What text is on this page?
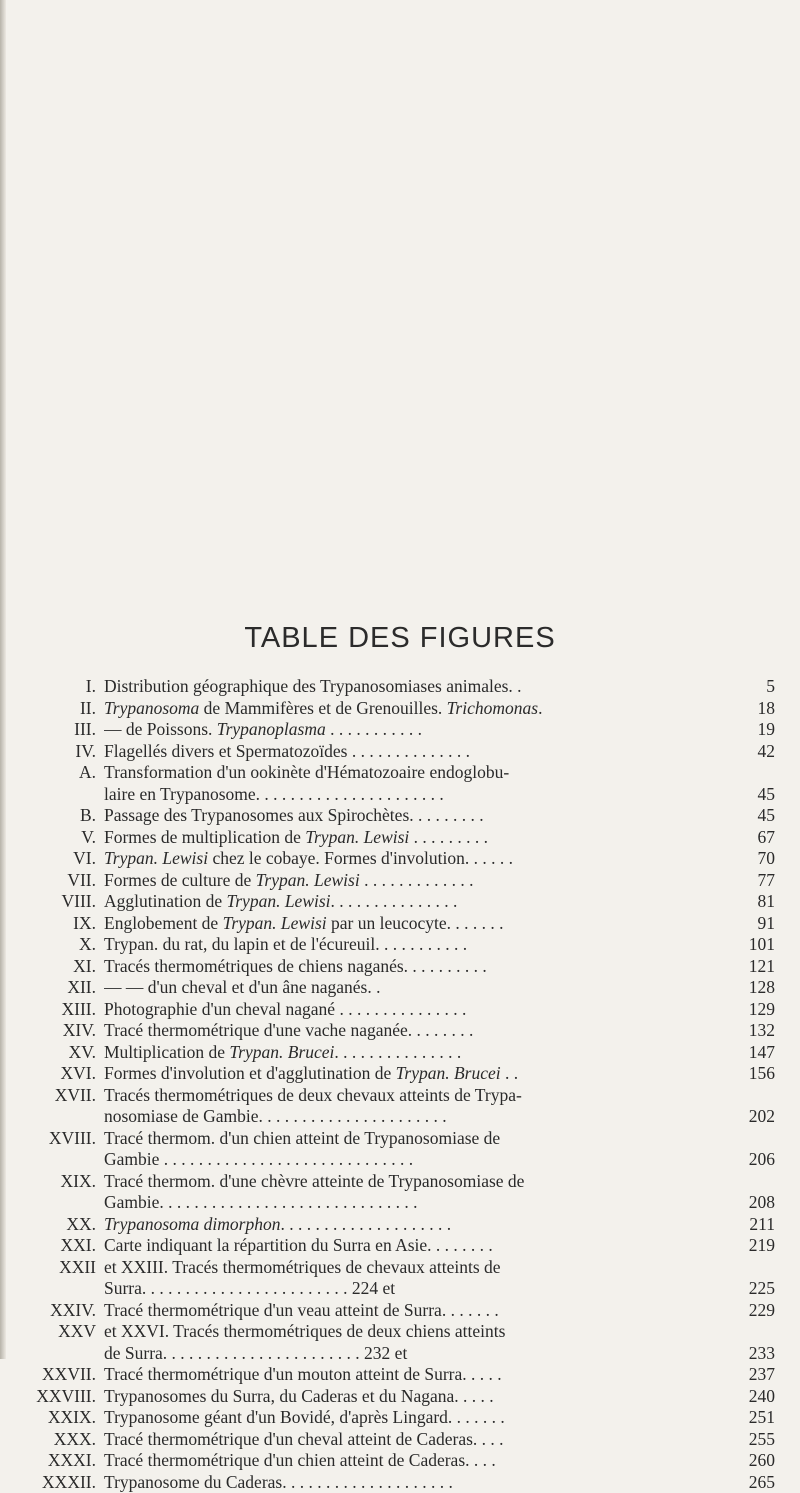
TABLE DES FIGURES
I. Distribution géographique des Trypanosomiases animales. .	5
II. Trypanosoma de Mammifères et de Grenouilles. Trichomonas.	18
III. — de Poissons. Trypanoplasma . . . . . . . . . . .	19
IV. Flagellés divers et Spermatozoïdes . . . . . . . . . . . . . .	42
A. Transformation d'un ookinète d'Hématozoaire endoglobu-
laire en Trypanosome. . . . . . . . . . . . . . . . . . . . . .	45
B. Passage des Trypanosomes aux Spirochètes. . . . . . . . .	45
V. Formes de multiplication de Trypan. Lewisi . . . . . . . . .	67
VI. Trypan. Lewisi chez le cobaye. Formes d'involution. . . . . .	70
VII. Formes de culture de Trypan. Lewisi . . . . . . . . . . . . .	77
VIII. Agglutination de Trypan. Lewisi. . . . . . . . . . . . . . .	81
IX. Englobement de Trypan. Lewisi par un leucocyte. . . . . . .	91
X. Trypan. du rat, du lapin et de l'écureuil. . . . . . . . . . .	101
XI. Tracés thermométriques de chiens naganés. . . . . . . . . .	121
XII. — — d'un cheval et d'un âne naganés. .	128
XIII. Photographie d'un cheval nagané . . . . . . . . . . . . . . .	129
XIV. Tracé thermométrique d'une vache naganée. . . . . . . .	132
XV. Multiplication de Trypan. Brucei. . . . . . . . . . . . . . .	147
XVI. Formes d'involution et d'agglutination de Trypan. Brucei . .	156
XVII. Tracés thermométriques de deux chevaux atteints de Trypa-
nosomiase de Gambie. . . . . . . . . . . . . . . . . . . . . .	202
XVIII. Tracé thermom. d'un chien atteint de Trypanosomiase de
Gambie . . . . . . . . . . . . . . . . . . . . . . . . . . . . .	206
XIX. Tracé thermom. d'une chèvre atteinte de Trypanosomiase de
Gambie. . . . . . . . . . . . . . . . . . . . . . . . . . . . . .	208
XX. Trypanosoma dimorphon. . . . . . . . . . . . . . . . . . . .	211
XXI. Carte indiquant la répartition du Surra en Asie. . . . . . . .	219
XXII et XXIII. Tracés thermométriques de chevaux atteints de
Surra. . . . . . . . . . . . . . . . . . . . . . . . 224 et	225
XXIV. Tracé thermométrique d'un veau atteint de Surra. . . . . . .	229
XXV et XXVI. Tracés thermométriques de deux chiens atteints
de Surra. . . . . . . . . . . . . . . . . . . . . . . 232 et	233
XXVII. Tracé thermométrique d'un mouton atteint de Surra. . . . .	237
XXVIII. Trypanosomes du Surra, du Caderas et du Nagana. . . . .	240
XXIX. Trypanosome géant d'un Bovidé, d'après Lingard. . . . . . .	251
XXX. Tracé thermométrique d'un cheval atteint de Caderas. . . .	255
XXXI. Tracé thermométrique d'un chien atteint de Caderas. . . .	260
XXXII. Trypanosome du Caderas. . . . . . . . . . . . . . . . . . . .	265
